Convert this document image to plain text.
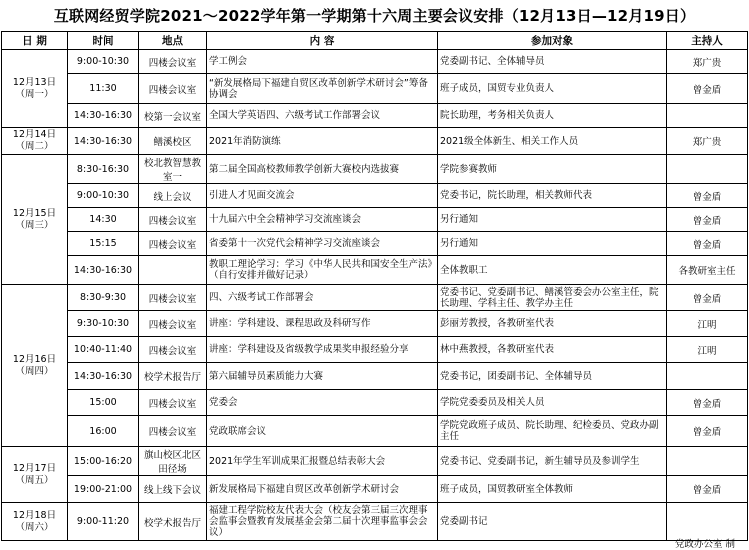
互联网经贸学院2021～2022学年第一学期第十六周主要会议安排（12月13日—12月19日）
日 期	时间	地点	内 容	参加对象	主持人

12月13日
（周一）	9:00-10:30	四楼会议室	学工例会	党委副书记、全体辅导员	郑广贵
	11:30	四楼会议室	“新发展格局下福建自贸区改革创新学术研讨会”筹备协调会	班子成员，国贸专业负责人	曾金盾
	14:30-16:30	校第一会议室	全国大学英语四、六级考试工作部署会议	院长助理，考务相关负责人	

12月14日
（周二）	14:30-16:30	鳝溪校区	2021年消防演练	2021级全体新生、相关工作人员	郑广贵

12月15日
（周三）	8:30-16:30	校北教智慧教室一	第二届全国高校教师教学创新大赛校内选拔赛	学院参赛教师	
	9:00-10:30	线上会议	引进人才见面交流会	党委书记，院长助理，相关教师代表	曾金盾
	14:30	四楼会议室	十九届六中全会精神学习交流座谈会	另行通知	曾金盾
	15:15	四楼会议室	省委第十一次党代会精神学习交流座谈会	另行通知	曾金盾
	14:30-16:30		教职工理论学习：学习《中华人民共和国安全生产法》（自行安排并做好记录）	全体教职工	各教研室主任

12月16日
（周四）	8:30-9:30	四楼会议室	四、六级考试工作部署会	党委书记、党委副书记、鳝溪管委会办公室主任，院长助理、学科主任、教学办主任	曾金盾
	9:30-10:30	四楼会议室	讲座：学科建设、课程思政及科研写作	彭丽芳教授，各教研室代表	江明
	10:40-11:40	四楼会议室	讲座：学科建设及省级教学成果奖申报经验分享	林中燕教授，各教研室代表	江明
	14:30-16:30	校学术报告厅	第六届辅导员素质能力大赛	党委书记，团委副书记、全体辅导员	
	15:00	四楼会议室	党委会	学院党委委员及相关人员	曾金盾
	16:00	四楼会议室	党政联席会议	学院党政班子成员、院长助理、纪检委员、党政办副主任	曾金盾

12月17日
（周五）	15:00-16:20	旗山校区北区田径场	2021年学生军训成果汇报暨总结表彰大会	党委书记、党委副书记，新生辅导员及参训学生	
	19:00-21:00	线上线下会议	新发展格局下福建自贸区改革创新学术研讨会	班子成员，国贸教研室全体教师	曾金盾

12月18日
（周六）	9:00-11:20	校学术报告厅	福建工程学院校友代表大会（校友会第三届三次理事会监事会暨教育发展基金会第二届十次理事监事会会议）	党委副书记	
党政办公室 制
